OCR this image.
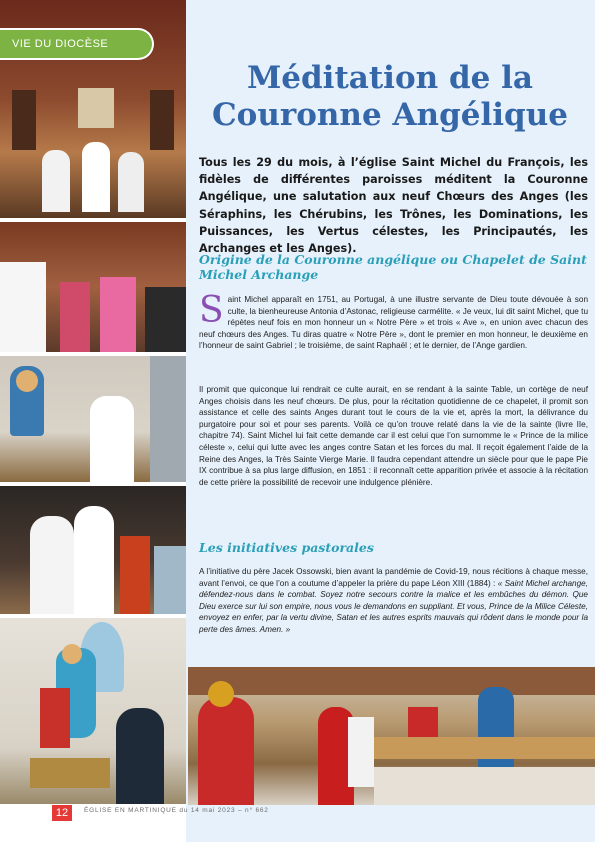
VIE DU DIOCÈSE
Méditation de la Couronne Angélique

Tous les 29 du mois, à l’église Saint Michel du François, les fidèles de différentes paroisses méditent la Couronne Angélique, une salutation aux neuf Chœurs des Anges (les Séraphins, les Chérubins, les Trônes, les Dominations, les Puissances, les Vertus célestes, les Principautés, les Archanges et les Anges).

Origine de la Couronne angélique ou Chapelet de Saint Michel Archange

Saint Michel apparaît en 1751, au Portugal, à une illustre servante de Dieu toute dévouée à son culte, la bienheureuse Antonia d’Astonac, religieuse carmélite. « Je veux, lui dit saint Michel, que tu répètes neuf fois en mon honneur un « Notre Père » et trois « Ave », en union avec chacun des neuf chœurs des Anges. Tu diras quatre « Notre Père », dont le premier en mon honneur, le deuxième en l’honneur de saint Gabriel ; le troisième, de saint Raphaël ; et le dernier, de l’Ange gardien.

Il promit que quiconque lui rendrait ce culte aurait, en se rendant à la sainte Table, un cortège de neuf Anges choisis dans les neuf chœurs. De plus, pour la récitation quotidienne de ce chapelet, il promit son assistance et celle des saints Anges durant tout le cours de la vie et, après la mort, la délivrance du purgatoire pour soi et pour ses parents. Voilà ce qu’on trouve relaté dans la vie de la sainte (livre IIe, chapitre 74). Saint Michel lui fait cette demande car il est celui que l’on surnomme le « Prince de la milice céleste », celui qui lutte avec les anges contre Satan et les forces du mal. Il reçoit également l’aide de la Reine des Anges, la Très Sainte Vierge Marie. Il faudra cependant attendre un siècle pour que le pape Pie IX contribue à sa plus large diffusion, en 1851 : il reconnaît cette apparition privée et associe à la récitation de cette prière la possibilité de recevoir une indulgence plénière.

Les initiatives pastorales

A l’initiative du père Jacek Ossowski, bien avant la pandémie de Covid-19, nous récitions à chaque messe, avant l’envoi, ce que l’on a coutume d’appeler la prière du pape Léon XIII (1884) : « Saint Michel archange, défendez-nous dans le combat. Soyez notre secours contre la malice et les embûches du démon. Que Dieu exerce sur lui son empire, nous vous le demandons en suppliant. Et vous, Prince de la Milice Céleste, envoyez en enfer, par la vertu divine, Satan et les autres esprits mauvais qui rôdent dans le monde pour la perte des âmes. Amen. »

12	ÉGLISE EN MARTINIQUE du 14 mai 2023 – n° 662
